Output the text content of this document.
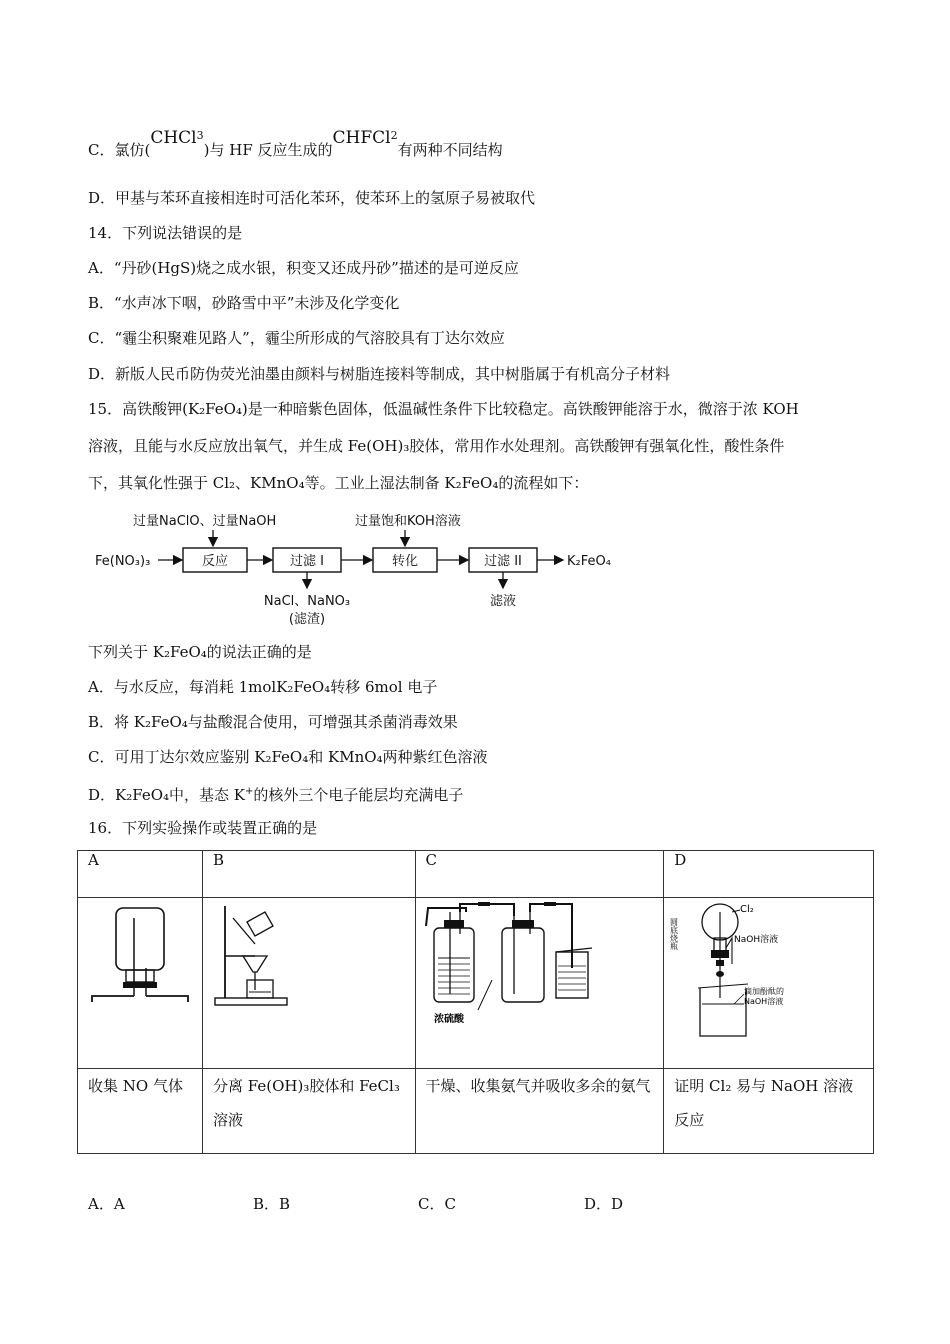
C．氯仿(CHCl$^3$)与 HF 反应生成的CHFCl$^2$有两种不同结构
D．甲基与苯环直接相连时可活化苯环，使苯环上的氢原子易被取代
14．下列说法错误的是
A．“丹砂(HgS)烧之成水银，积变又还成丹砂”描述的是可逆反应
B．“水声冰下咽，砂路雪中平”未涉及化学变化
C．“霾尘积聚难见路人”，霾尘所形成的气溶胶具有丁达尔效应
D．新版人民币防伪荧光油墨由颜料与树脂连接料等制成，其中树脂属于有机高分子材料
15．高铁酸钾(K₂FeO₄)是一种暗紫色固体，低温碱性条件下比较稳定。高铁酸钾能溶于水，微溶于浓 KOH
溶液，且能与水反应放出氧气，并生成 Fe(OH)₃胶体，常用作水处理剂。高铁酸钾有强氧化性，酸性条件
下，其氧化性强于 Cl₂、KMnO₄等。工业上湿法制备 K₂FeO₄的流程如下：
过量NaClO、过量NaOH
Fe(NO₃)₃	反应	过滤 I
NaCl、NaNO₃
(滤渣)
过量饱和KOH溶液
转化	过滤 II
滤液
K₂FeO₄
下列关于 K₂FeO₄的说法正确的是
A．与水反应，每消耗 1molK₂FeO₄转移 6mol 电子
B．将 K₂FeO₄与盐酸混合使用，可增强其杀菌消毒效果
C．可用丁达尔效应鉴别 K₂FeO₄和 KMnO₄两种紫红色溶液
D．K₂FeO₄中，基态 K+的核外三个电子能层均充满电子
16．下列实验操作或装置正确的是
A	B	C	D

浓硫酸	圆底烧瓶
Cl₂
NaOH溶液
滴加酚酞的
NaOH溶液

收集 NO 气体	分离 Fe(OH)₃胶体和 FeCl₃溶液	干燥、收集氨气并吸收多余的氨气	证明 Cl₂ 易与 NaOH 溶液反应
A．A	B．B	C．C	D．D
